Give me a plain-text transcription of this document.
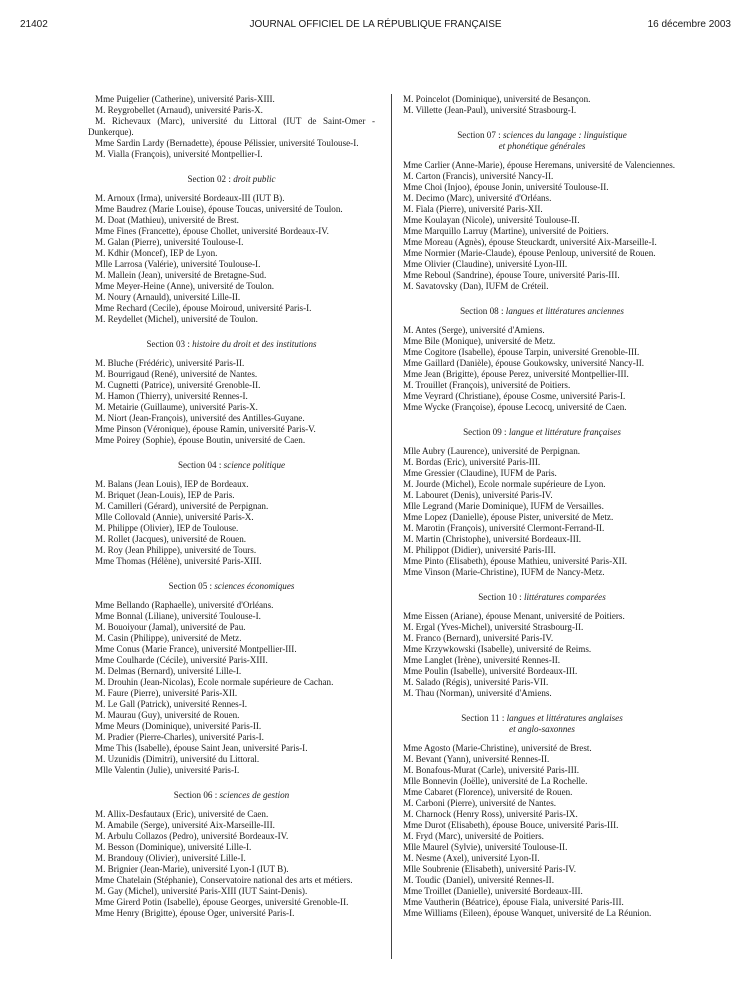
21402	JOURNAL OFFICIEL DE LA RÉPUBLIQUE FRANÇAISE	16 décembre 2003

Mme Puigelier (Catherine), université Paris-XIII.

M. Reygrobellet (Arnaud), université Paris-X.

M. Richevaux (Marc), université du Littoral (IUT de Saint-Omer - Dunkerque).

Mme Sardin Lardy (Bernadette), épouse Pélissier, université Toulouse-I.

M. Vialla (François), université Montpellier-I.

Section 02 : droit public

M. Arnoux (Irma), université Bordeaux-III (IUT B).

Mme Baudrez (Marie Louise), épouse Toucas, université de Toulon.

M. Doat (Mathieu), université de Brest.

Mme Fines (Francette), épouse Chollet, université Bordeaux-IV.

M. Galan (Pierre), université Toulouse-I.

M. Kdhir (Moncef), IEP de Lyon.

Mlle Larrosa (Valérie), université Toulouse-I.

M. Mallein (Jean), université de Bretagne-Sud.

Mme Meyer-Heine (Anne), université de Toulon.

M. Noury (Arnauld), université Lille-II.

Mme Rechard (Cecile), épouse Moiroud, université Paris-I.

M. Reydellet (Michel), université de Toulon.

Section 03 : histoire du droit et des institutions

M. Bluche (Frédéric), université Paris-II.

M. Bourrigaud (René), université de Nantes.

M. Cugnetti (Patrice), université Grenoble-II.

M. Hamon (Thierry), université Rennes-I.

M. Metairie (Guillaume), université Paris-X.

M. Niort (Jean-François), université des Antilles-Guyane.

Mme Pinson (Véronique), épouse Ramin, université Paris-V.

Mme Poirey (Sophie), épouse Boutin, université de Caen.

Section 04 : science politique

M. Balans (Jean Louis), IEP de Bordeaux.

M. Briquet (Jean-Louis), IEP de Paris.

M. Camilleri (Gérard), université de Perpignan.

Mlle Collovald (Annie), université Paris-X.

M. Philippe (Olivier), IEP de Toulouse.

M. Rollet (Jacques), université de Rouen.

M. Roy (Jean Philippe), université de Tours.

Mme Thomas (Hélène), université Paris-XIII.

Section 05 : sciences économiques

Mme Bellando (Raphaelle), université d'Orléans.

Mme Bonnal (Liliane), université Toulouse-I.

M. Bouoiyour (Jamal), université de Pau.

M. Casin (Philippe), université de Metz.

Mme Conus (Marie France), université Montpellier-III.

Mme Coulharde (Cécile), université Paris-XIII.

M. Delmas (Bernard), université Lille-I.

M. Drouhin (Jean-Nicolas), Ecole normale supérieure de Cachan.

M. Faure (Pierre), université Paris-XII.

M. Le Gall (Patrick), université Rennes-I.

M. Maurau (Guy), université de Rouen.

Mme Meurs (Dominique), université Paris-II.

M. Pradier (Pierre-Charles), université Paris-I.

Mme This (Isabelle), épouse Saint Jean, université Paris-I.

M. Uzunidis (Dimitri), université du Littoral.

Mlle Valentin (Julie), université Paris-I.

Section 06 : sciences de gestion

M. Allix-Desfautaux (Eric), université de Caen.

M. Amabile (Serge), université Aix-Marseille-III.

M. Arbulu Collazos (Pedro), université Bordeaux-IV.

M. Besson (Dominique), université Lille-I.

M. Brandouy (Olivier), université Lille-I.

M. Brignier (Jean-Marie), université Lyon-I (IUT B).

Mme Chatelain (Stéphanie), Conservatoire national des arts et métiers.

M. Gay (Michel), université Paris-XIII (IUT Saint-Denis).

Mme Girerd Potin (Isabelle), épouse Georges, université Grenoble-II.

Mme Henry (Brigitte), épouse Oger, université Paris-I.

M. Poincelot (Dominique), université de Besançon.

M. Villette (Jean-Paul), université Strasbourg-I.

Section 07 : sciences du langage : linguistique
et phonétique générales

Mme Carlier (Anne-Marie), épouse Heremans, université de Valenciennes.

M. Carton (Francis), université Nancy-II.

Mme Choi (Injoo), épouse Jonin, université Toulouse-II.

M. Decimo (Marc), université d'Orléans.

M. Fiala (Pierre), université Paris-XII.

Mme Koulayan (Nicole), université Toulouse-II.

Mme Marquillo Larruy (Martine), université de Poitiers.

Mme Moreau (Agnès), épouse Steuckardt, université Aix-Marseille-I.

Mme Normier (Marie-Claude), épouse Penloup, université de Rouen.

Mme Olivier (Claudine), université Lyon-III.

Mme Reboul (Sandrine), épouse Toure, université Paris-III.

M. Savatovsky (Dan), IUFM de Créteil.

Section 08 : langues et littératures anciennes

M. Antes (Serge), université d'Amiens.

Mme Bile (Monique), université de Metz.

Mme Cogitore (Isabelle), épouse Tarpin, université Grenoble-III.

Mme Gaillard (Danièle), épouse Goukowsky, université Nancy-II.

Mme Jean (Brigitte), épouse Perez, université Montpellier-III.

M. Trouillet (François), université de Poitiers.

Mme Veyrard (Christiane), épouse Cosme, université Paris-I.

Mme Wycke (Françoise), épouse Lecocq, université de Caen.

Section 09 : langue et littérature françaises

Mlle Aubry (Laurence), université de Perpignan.

M. Bordas (Eric), université Paris-III.

Mme Gressier (Claudine), IUFM de Paris.

M. Jourde (Michel), Ecole normale supérieure de Lyon.

M. Labouret (Denis), université Paris-IV.

Mlle Legrand (Marie Dominique), IUFM de Versailles.

Mme Lopez (Danielle), épouse Pister, université de Metz.

M. Marotin (François), université Clermont-Ferrand-II.

M. Martin (Christophe), université Bordeaux-III.

M. Philippot (Didier), université Paris-III.

Mme Pinto (Elisabeth), épouse Mathieu, université Paris-XII.

Mme Vinson (Marie-Christine), IUFM de Nancy-Metz.

Section 10 : littératures comparées

Mme Eissen (Ariane), épouse Menant, université de Poitiers.

M. Ergal (Yves-Michel), université Strasbourg-II.

M. Franco (Bernard), université Paris-IV.

Mme Krzywkowski (Isabelle), université de Reims.

Mme Langlet (Irène), université Rennes-II.

Mme Poulin (Isabelle), université Bordeaux-III.

M. Salado (Régis), université Paris-VII.

M. Thau (Norman), université d'Amiens.

Section 11 : langues et littératures anglaises
et anglo-saxonnes

Mme Agosto (Marie-Christine), université de Brest.

M. Bevant (Yann), université Rennes-II.

M. Bonafous-Murat (Carle), université Paris-III.

Mlle Bonnevin (Joëlle), université de La Rochelle.

Mme Cabaret (Florence), université de Rouen.

M. Carboni (Pierre), université de Nantes.

M. Charnock (Henry Ross), université Paris-IX.

Mme Durot (Elisabeth), épouse Bouce, université Paris-III.

M. Fryd (Marc), université de Poitiers.

Mlle Maurel (Sylvie), université Toulouse-II.

M. Nesme (Axel), université Lyon-II.

Mlle Soubrenie (Elisabeth), université Paris-IV.

M. Toudic (Daniel), université Rennes-II.

Mme Troillet (Danielle), université Bordeaux-III.

Mme Vautherin (Béatrice), épouse Fiala, université Paris-III.

Mme Williams (Eileen), épouse Wanquet, université de La Réunion.
